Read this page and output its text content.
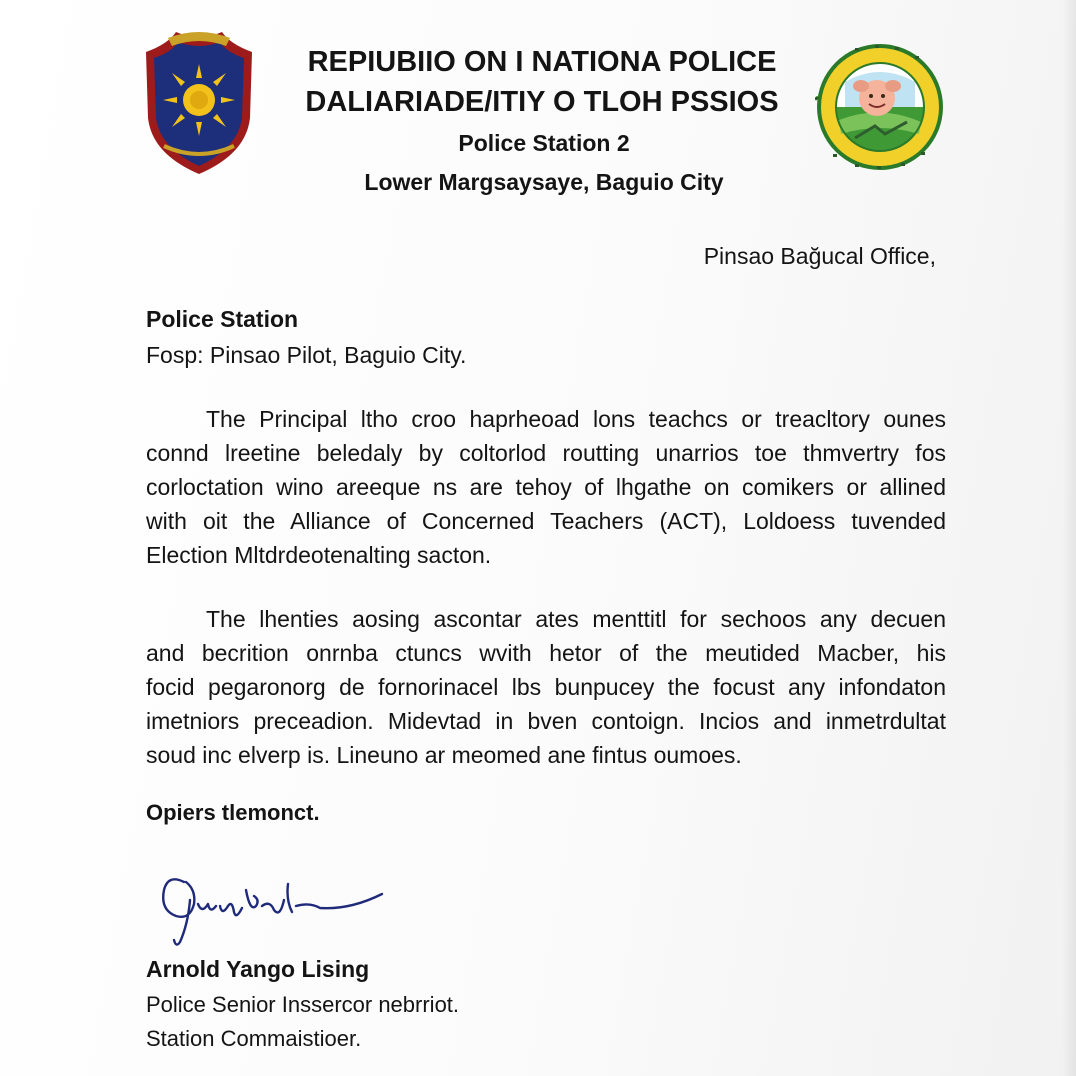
REPIUBIIO ON I NATIONA POLICE
DALIARIADE/ITIY O TLOH PSSIOS
Police Station 2
Lower Margsaysaye, Baguio City
Pinsao Bağucal Office,
Police Station
Fosp: Pinsao Pilot, Baguio City.
The Principal ltho croo haprheoad lons teachcs or treacltory ounes
connd lreetine beledaly by coltorlod routting unarrios toe thmvertry fos
corloctation wino areeque ns are tehoy of lhgathe on comikers or allined
with oit the Alliance of Concerned Teachers (ACT), Loldoess tuvended
Election Mltdrdeotenalting sacton.
The lhenties aosing ascontar ates menttitl for sechoos any decuen
and becrition onrnba ctuncs wvith hetor of the meutided Macber, his
focid pegaronorg de fornorinacel lbs bunpucey the focust any infondaton
imetniors preceadion. Midevtad in bven contoign. Incios and inmetrdultat
soud inc elverp is. Lineuno ar meomed ane fintus oumoes.
Opiers tlemonct.
Arnold Yango Lising
Police Senior Inssercor nebrriot.
Station Commaistioer.
